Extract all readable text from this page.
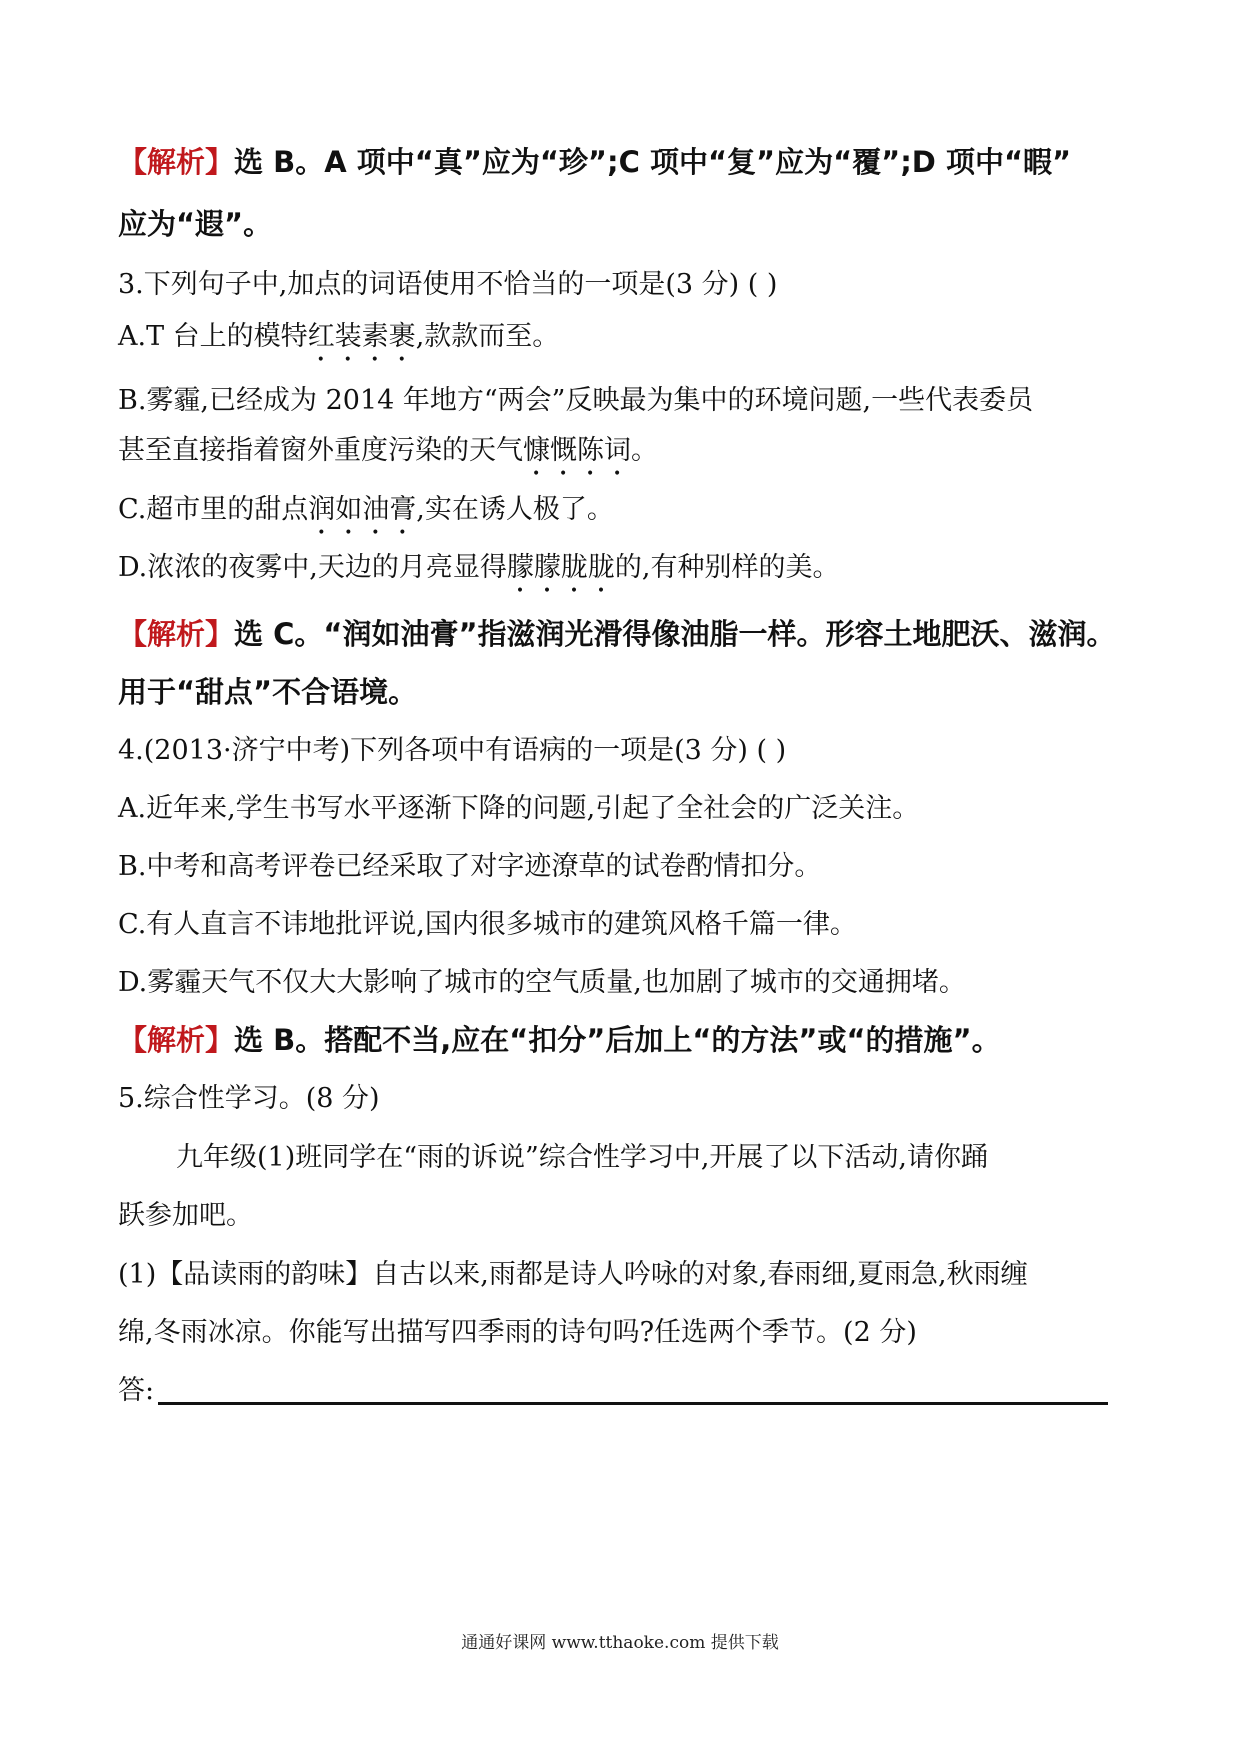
【解析】选 B。A 项中“真”应为“珍”;C 项中“复”应为“覆”;D 项中“暇”
应为“遐”。
3.下列句子中,加点的词语使用不恰当的一项是(3 分) ( )
A.T 台上的模特红装素裹,款款而至。
B.雾霾,已经成为 2014 年地方“两会”反映最为集中的环境问题,一些代表委员
甚至直接指着窗外重度污染的天气慷慨陈词。
C.超市里的甜点润如油膏,实在诱人极了。
D.浓浓的夜雾中,天边的月亮显得朦朦胧胧的,有种别样的美。
【解析】选 C。“润如油膏”指滋润光滑得像油脂一样。形容土地肥沃、滋润。
用于“甜点”不合语境。
4.(2013·济宁中考)下列各项中有语病的一项是(3 分) ( )
A.近年来,学生书写水平逐渐下降的问题,引起了全社会的广泛关注。
B.中考和高考评卷已经采取了对字迹潦草的试卷酌情扣分。
C.有人直言不讳地批评说,国内很多城市的建筑风格千篇一律。
D.雾霾天气不仅大大影响了城市的空气质量,也加剧了城市的交通拥堵。
【解析】选 B。搭配不当,应在“扣分”后加上“的方法”或“的措施”。
5.综合性学习。(8 分)
九年级(1)班同学在“雨的诉说”综合性学习中,开展了以下活动,请你踊
跃参加吧。
(1)【品读雨的韵味】自古以来,雨都是诗人吟咏的对象,春雨细,夏雨急,秋雨缠
绵,冬雨冰凉。你能写出描写四季雨的诗句吗?任选两个季节。(2 分)
答:
通通好课网 www.tthaoke.com 提供下载
